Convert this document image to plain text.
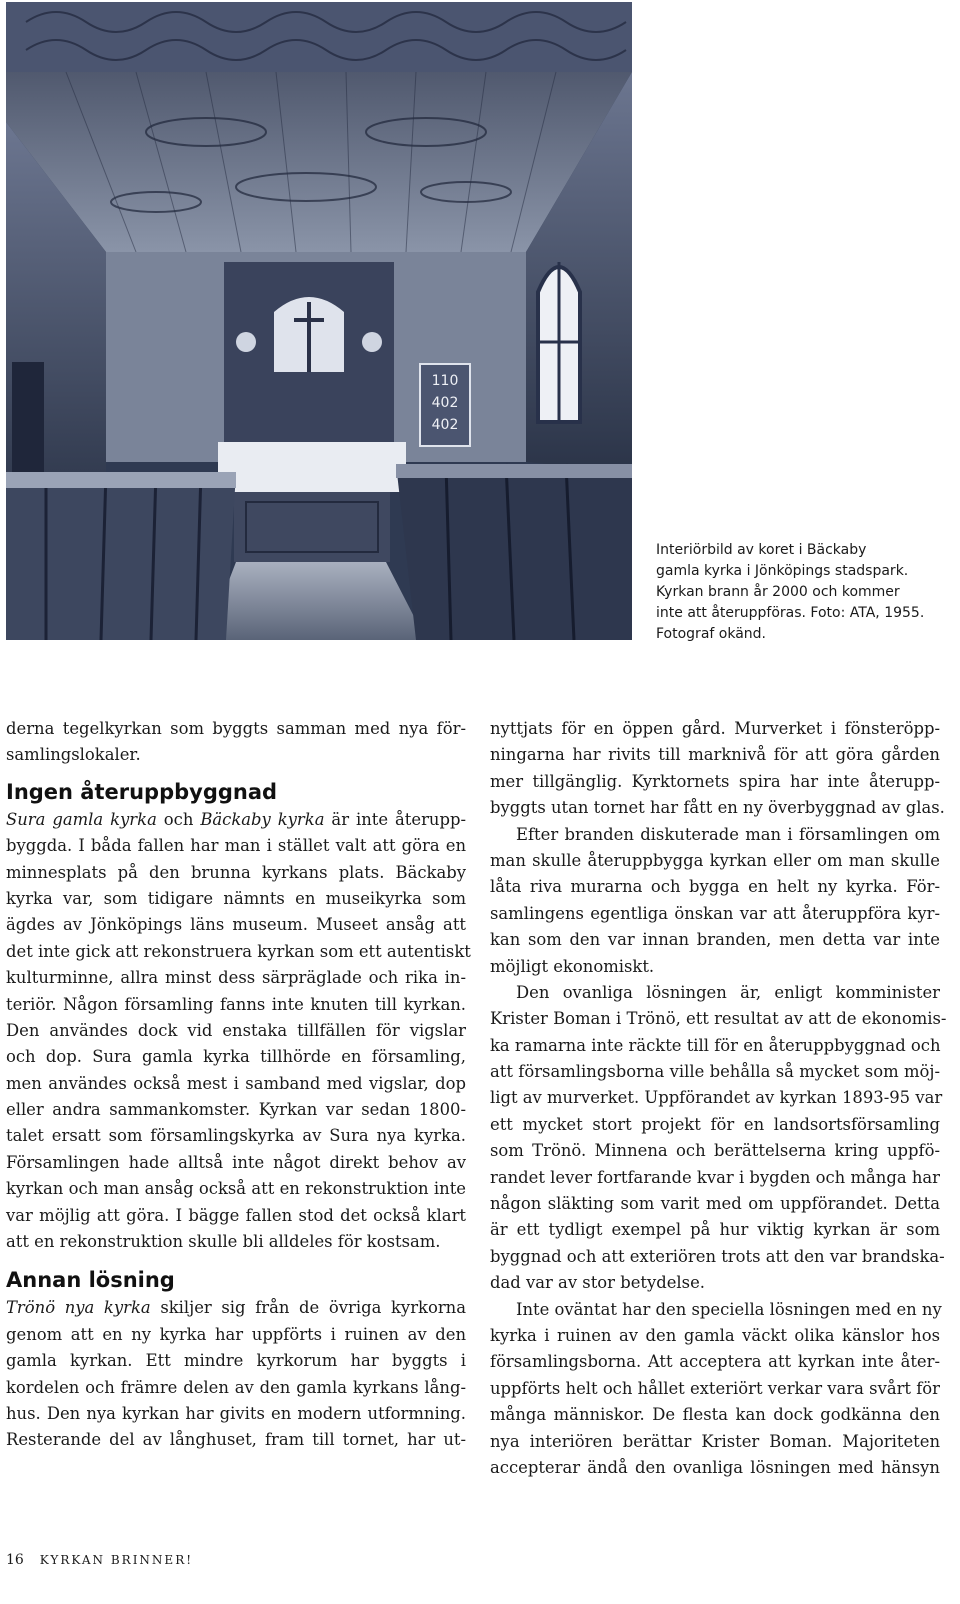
110
402
402
Interiörbild av koret i Bäckaby
gamla kyrka i Jönköpings stadspark.
Kyrkan brann år 2000 och kommer
inte att återuppföras. Foto: ATA, 1955.
Fotograf okänd.
derna tegelkyrkan som byggts samman med nya för-
samlingslokaler.
Ingen återuppbyggnad
Sura gamla kyrka och Bäckaby kyrka är inte återupp-
byggda. I båda fallen har man i stället valt att göra en
minnesplats på den brunna kyrkans plats. Bäckaby
kyrka var, som tidigare nämnts en museikyrka som
ägdes av Jönköpings läns museum. Museet ansåg att
det inte gick att rekonstruera kyrkan som ett autentiskt
kulturminne, allra minst dess särpräglade och rika in-
teriör. Någon församling fanns inte knuten till kyrkan.
Den användes dock vid enstaka tillfällen för vigslar
och dop. Sura gamla kyrka tillhörde en församling,
men användes också mest i samband med vigslar, dop
eller andra sammankomster. Kyrkan var sedan 1800-
talet ersatt som församlingskyrka av Sura nya kyrka.
Församlingen hade alltså inte något direkt behov av
kyrkan och man ansåg också att en rekonstruktion inte
var möjlig att göra. I bägge fallen stod det också klart
att en rekonstruktion skulle bli alldeles för kostsam.
Annan lösning
Trönö nya kyrka skiljer sig från de övriga kyrkorna
genom att en ny kyrka har uppförts i ruinen av den
gamla kyrkan. Ett mindre kyrkorum har byggts i
kordelen och främre delen av den gamla kyrkans lång-
hus. Den nya kyrkan har givits en modern utformning.
Resterande del av långhuset, fram till tornet, har ut-
nyttjats för en öppen gård. Murverket i fönsteröpp-
ningarna har rivits till marknivå för att göra gården
mer tillgänglig. Kyrktornets spira har inte återupp-
byggts utan tornet har fått en ny överbyggnad av glas.
Efter branden diskuterade man i församlingen om
man skulle återuppbygga kyrkan eller om man skulle
låta riva murarna och bygga en helt ny kyrka. För-
samlingens egentliga önskan var att återuppföra kyr-
kan som den var innan branden, men detta var inte
möjligt ekonomiskt.
Den ovanliga lösningen är, enligt komminister
Krister Boman i Trönö, ett resultat av att de ekonomis-
ka ramarna inte räckte till för en återuppbyggnad och
att församlingsborna ville behålla så mycket som möj-
ligt av murverket. Uppförandet av kyrkan 1893-95 var
ett mycket stort projekt för en landsortsförsamling
som Trönö. Minnena och berättelserna kring uppfö-
randet lever fortfarande kvar i bygden och många har
någon släkting som varit med om uppförandet. Detta
är ett tydligt exempel på hur viktig kyrkan är som
byggnad och att exteriören trots att den var brandska-
dad var av stor betydelse.
Inte oväntat har den speciella lösningen med en ny
kyrka i ruinen av den gamla väckt olika känslor hos
församlingsborna. Att acceptera att kyrkan inte åter-
uppförts helt och hållet exteriört verkar vara svårt för
många människor. De flesta kan dock godkänna den
nya interiören berättar Krister Boman. Majoriteten
accepterar ändå den ovanliga lösningen med hänsyn
16 KYRKAN BRINNER!
